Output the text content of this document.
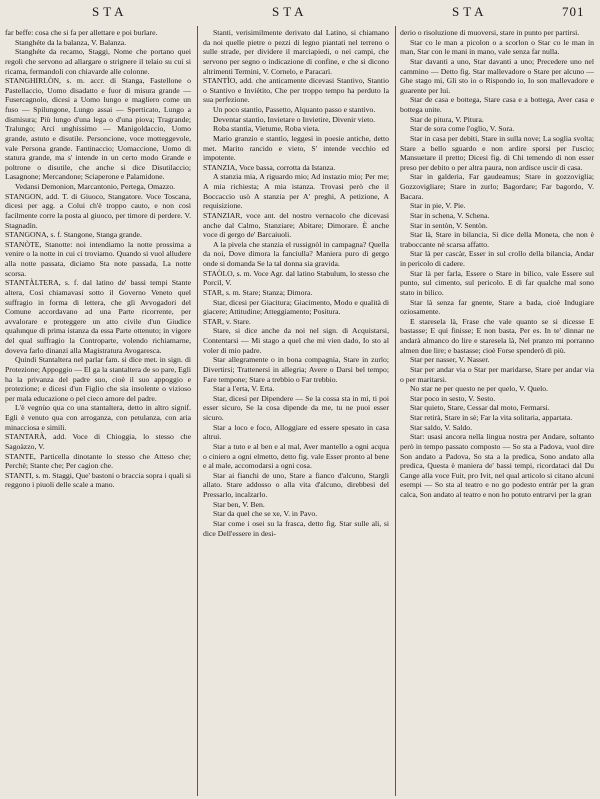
STA	STA	STA	701

far beffe: cosa che si fa per allettare e poi burlare.

Stanghéte da la balanza, V. Balanza.

Stanghéte da recamo, Staggi, Nome che portano quei regoli che servono ad allargare o strignere il telaio su cui si ricama, fermandoli con chiavarde alle colonne.

STANGHIRLÒN, s. m. accr. di Stanga, Fastellone o Pastellaccio, Uomo disadatto e fuor di misura grande — Fusercagnolo, dicesi a Uomo lungo e magliero come un fuso — Spilungone, Lungo assai — Sperticato, Lungo a dismisura; Più lungo d'una lega o d'una piova; Tragrande; Tralungo; Arcì unghissimo — Manigoldaccio, Uomo grande, astuto e disutile. Personcione, voce motteggevole, vale Persona grande. Fantinaccio; Uomaccione, Uomo di statura grande, ma s' intende in un certo modo Grande e poltrone o disutile, che anche si dice Disutilaccio; Lasagnone; Mercandone; Sciaperone e Palamidone.

Vedansi Demonion, Marcantonio, Pertega, Omazzo.

STANGON, add. T. di Giuoco, Stangatore. Voce Toscana, dicesi per agg. a Colui ch'è troppo cauto, e non così facilmente corre la posta al giuoco, per timore di perdere. V. Stagnadìn.

STANGONA, s. f. Stangone, Stanga grande.

STANÒTE, Stanotte: noi intendiamo la notte prossima a venire o la notte in cui ci troviamo. Quando si vuol alludere alla notte passata, diciamo Sta note passada, La notte scorsa.

STANTÀLTERA, s. f. dal latino de' bassi tempi Stante altera, Così chiamavasi sotto il Governo Veneto quel suffragio in forma di lettera, che gli Avvogadori del Comune accordavano ad una Parte ricorrente, per avvalorare e proteggere un atto civile d'un Giudice qualunque di prima istanza da essa Parte ottenuto; in vigore del qual suffragio la Controparte, volendo richiamarne, doveva farlo dinanzi alla Magistratura Avogaresca.

Quindi Stantaltera nel parlar fam. si dice met. in sign. di Protezione; Appoggio — El ga la stantaltera de so pare, Egli ha la privanza del padre suo, cioè il suo appoggio e protezione; e dicesi d'un Figlio che sia insolente o vizioso per mala educazione o pel cieco amore del padre.

L'è vegnùo qua co una stantaltera, detto in altro signif. Egli è venuto qua con arroganza, con petulanza, con aria minacciosa e simili.

STANTARÀ, add. Voce di Chioggia, lo stesso che Sagoàzzo, V.

STANTE, Particella dinotante lo stesso che Atteso che; Perchè; Stante che; Per cagion che.

STANTI, s. m. Staggi, Que' bastoni o braccia sopra i quali si reggono i piuoli delle scale a mano.

Stanti, verisimilmente derivato dal Latino, si chiamano da noi quelle pietre o pezzi di legno piantati nel terreno o sulle strade, per dividere il marciapiedi, o nei campi, che servono per segno o indicazione di confine, e che si dicono altrimenti Termini, V. Cornelo, e Paracarì.

STANTÌO, add. che anticamente dicevasi Stantivo, Stantio o Stantivo e Inviètito, Che per troppo tempo ha perduto la sua perfezione.

Un poco stantìo, Passetto, Alquanto passo e stantivo.

Deventar stantìo, Invietare o Invietire, Divenir vieto.

Roba stantìa, Vietume, Roba vieta.

Mario granzio e stantìo, leggesi in poesie antiche, detto met. Marito rancido e vieto, S' intende vecchio ed impotente.

STANZIA, Voce bassa, corrotta da Istanza.

A stanzia mia, A riguardo mio; Ad instazio mio; Per me; A mia richiesta; A mia istanza. Trovasi però che il Boccaccio usò A stanzia per A' preghi, A petizione, A requisizione.

STANZIAR, voce ant. del nostro vernacolo che dicevasi anche dal Calmo, Stanziare; Abitare; Dimorare. È anche voce di gergo de' Barcaiuoli.

A la pivela che stanzia el russignòl in campagna? Quella da noi, Dove dimora la fanciulla? Maniera puro di gergo onde si domanda Se la tal donna sia gravida.

STAÒLO, s. m. Voce Agr. dal latino Stabulum, lo stesso che Porcil, V.

STAR, s. m. Stare; Stanza; Dimora.

Star, dicesi per Giacitura; Giacimento, Modo e qualità di giacere; Attitudine; Atteggiamento; Positura.

STAR, v. Stare.

Stare, si dice anche da noi nel sign. di Acquistarsi, Contentarsi — Mi stago a quel che mi vien dado, Io sto al voler di mio padre.

Star allegramente o in bona compagnia, Stare in zurlo; Divertirsi; Trattenersi in allegria; Avere o Darsi bel tempo; Fare tempone; Stare a trebbio o Far trebbio.

Star a l'erta, V. Erta.

Star, dicesi per Dipendere — Se la cossa sta in mi, ti poi esser sicuro, Se la cosa dipende da me, tu ne puoi esser sicuro.

Star a loco e foco, Alloggiare ed essere spesato in casa altrui.

Star a tuto e al ben e al mal, Aver mantello a ogni acqua o ciniero a ogni elmetto, detto fig. vale Esser pronto al bene e al male, accomodarsi a ogni cosa.

Star ai fianchi de uno, Stare a fianco d'alcuno, Stargli allato. Stare addosso o alla vita d'alcuno, direbbesi del Pressarlo, incalzarlo.

Star ben, V. Ben.

Star da quel che se xe, V. in Pavo.

Star come i osei su la frasca, detto fig. Star sulle ali, si dice Dell'essere in desi-

derio o risoluzione di muoversi, stare in punto per partirsi.

Star co le man a picolon o a scorlon o Star co le man in man, Star con le mani in mano, vale senza far nulla.

Star davanti a uno, Star davanti a uno; Precedere uno nel cammino — Detto fig. Star mallevadore o Stare per alcuno — Ghe stago mi, Gli sto io o Rispondo io, Io son mallevadore e guarente per lui.

Star de casa e bottega, Stare casa e a bottega, Aver casa e bottega unite.

Star de pitura, V. Pitura.

Star de sora come l'oglio, V. Sora.

Star in casa per debiti, Stare in sulla nove; La soglia svolta; Stare a bello sguardo e non ardire sporsi per l'uscio; Mansuetare il pretto; Dicesi fig. di Chi temendo di non esser preso per debito o per altra paura, non ardisce uscir di casa.

Star in galderia, Far gaudeamus; Stare in gozzoviglia; Gozzovigliare; Stare in zurlo; Bagordare; Far bagordo, V. Bacara.

Star in pie, V. Pie.

Star in schena, V. Schena.

Star in sentòn, V. Sentòn.

Star là, Stare in bilancia, Si dice della Moneta, che non è traboccante nè scarsa affatto.

Star là per cascàr, Esser in sul crollo della bilancia, Andar in pericolo di cadere.

Star là per farla, Essere o Stare in bilico, vale Essere sul punto, sul cimento, sul pericolo. E di far qualche mal sono stato in bilico.

Star là senza far gnente, Stare a bada, cioè Indugiare oziosamente.

E staresela là, Frase che vale quanto se si dicesse E bastasse; E qui finisse; E non basta, Per es. In te' dinnar ne andarà almanco do lire e staresela là, Nel pranzo mi porranno almen due lire; e bastasse; cioè Forse spenderò di più.

Star per nasser, V. Nasser.

Star per andar via o Star per maridarse, Stare per andar via o per maritarsi.

No star ne per questo ne per quelo, V. Quelo.

Star poco in sesto, V. Sesto.

Star quieto, Stare, Cessar dal moto, Fermarsi.

Star retirà, Stare in sè; Far la vita solitaria, appartata.

Star saldo, V. Saldo.

Star: usasi ancora nella lingua nostra per Andare, soltanto però in tempo passato composto — So sta a Padova, vuol dire Son andato a Padova, So sta a la predica, Sono andato alla predica, Questa è maniera de' bassi tempi, ricordataci dal Du Cange alla voce Fuit, pro Ivit, nel qual articolo si citano alcuni esempi — So sta al teatro e no go podesto entràr per la gran calca, Son andato al teatro e non ho potuto entrarvi per la gran
